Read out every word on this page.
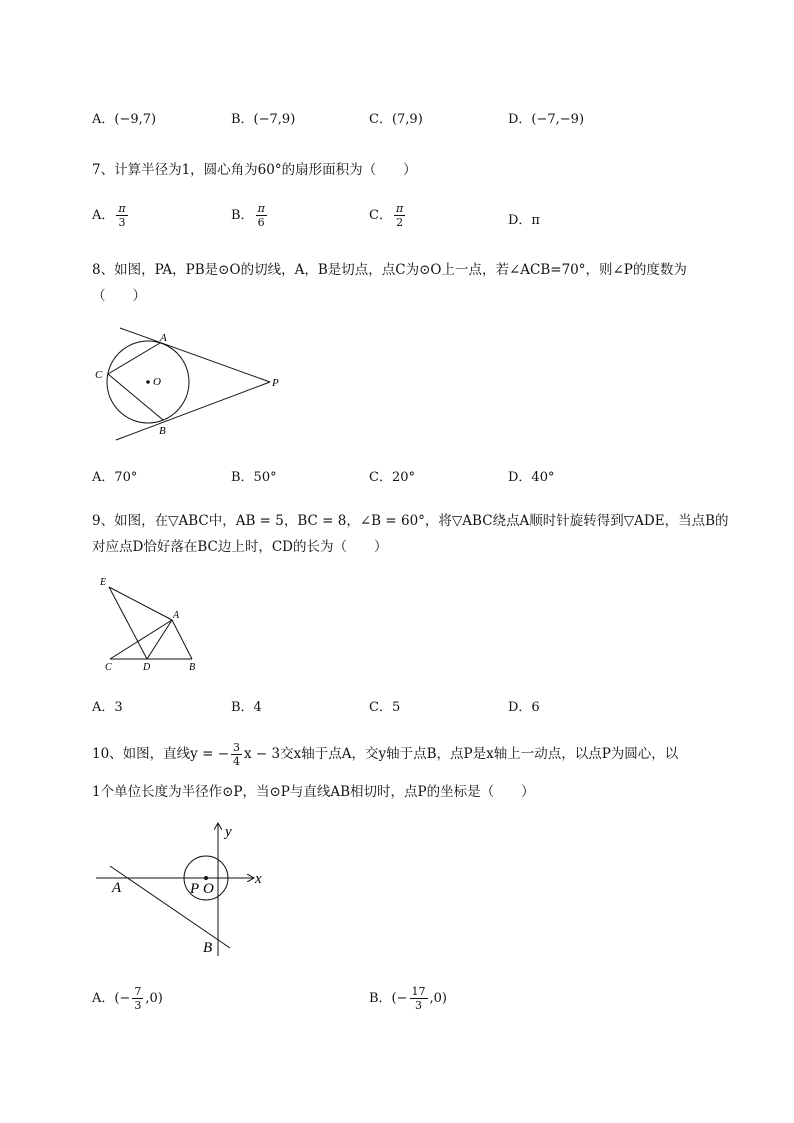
A．(−9,7)	B．(−7,9)	C．(7,9)	D．(−7,−9)
7、计算半径为1，圆心角为60°的扇形面积为（　　）
A． $\frac{\pi}{3}$	B． $\frac{\pi}{6}$	C． $\frac{\pi}{2}$	D．π
8、如图，PA，PB是⊙O的切线，A，B是切点，点C为⊙O上一点，若∠ACB=70°，则∠P的度数为
（　　）
A
C
O	P
B
A．70°	B．50°	C．20°	D．40°
9、如图，在▽ABC中，AB = 5，BC = 8，∠B = 60°，将▽ABC绕点A顺时针旋转得到▽ADE，当点B的
对应点D恰好落在BC边上时，CD的长为（　　）
E
A
C	D	B
A．3	B．4	C．5	D．6
10、如图，直线y = − $\frac{3}{4}$ x − 3交x轴于点A，交y轴于点B，点P是x轴上一动点，以点P为圆心，以
1个单位长度为半径作⊙P，当⊙P与直线AB相切时，点P的坐标是（　　）
y
x
A	P O
B
A．(− $\frac{7}{3} ,0$)	B．(− $\frac{17}{3} ,0$)
